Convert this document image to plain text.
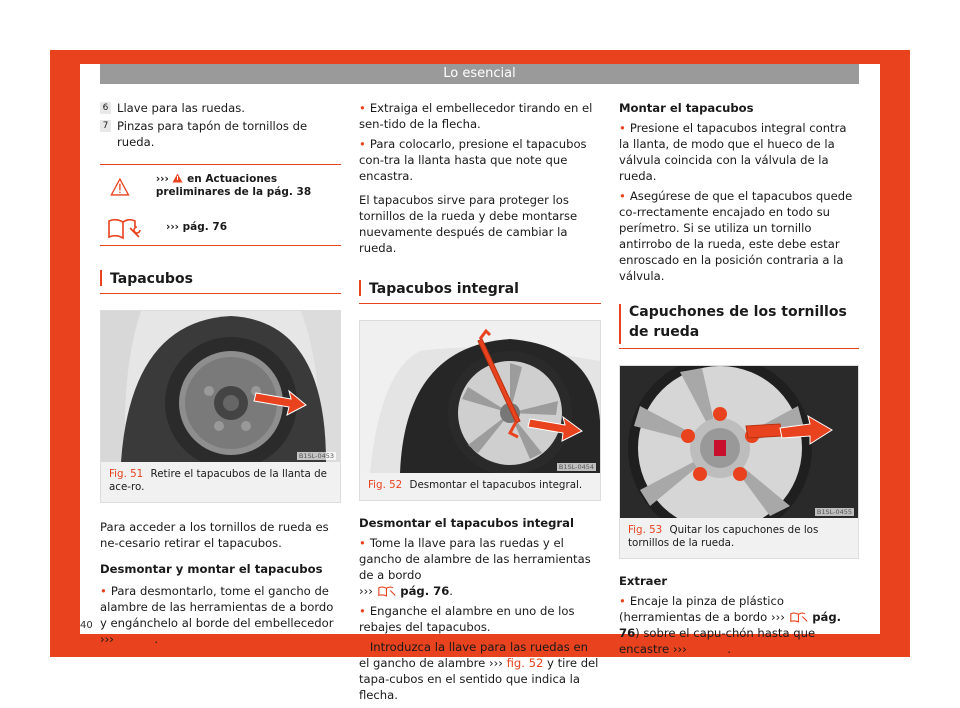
Lo esencial
6 Llave para las ruedas.
7 Pinzas para tapón de tornillos de rueda.
››› en Actuaciones preliminares de la pág. 38
››› pág. 76
Tapacubos
B1SL-0453
Fig. 51 Retire el tapacubos de la llanta de ace-ro.

Para acceder a los tornillos de rueda es ne-cesario retirar el tapacubos.

Desmontar y montar el tapacubos

• Para desmontarlo, tome el gancho de alambre de las herramientas de a bordo y engánchelo al borde del embellecedor
››› fig. 51.

• Extraiga el embellecedor tirando en el sen-tido de la flecha.

• Para colocarlo, presione el tapacubos con-tra la llanta hasta que note que encastra.

El tapacubos sirve para proteger los tornillos de la rueda y debe montarse nuevamente después de cambiar la rueda.

Tapacubos integral
B1SL-0454
Fig. 52 Desmontar el tapacubos integral.

Desmontar el tapacubos integral

• Tome la llave para las ruedas y el gancho de alambre de las herramientas de a bordo
››› pág. 76.

• Enganche el alambre en uno de los rebajes del tapacubos.

• Introduzca la llave para las ruedas en el gancho de alambre ››› fig. 52 y tire del tapa-cubos en el sentido que indica la flecha.

Montar el tapacubos

• Presione el tapacubos integral contra la llanta, de modo que el hueco de la válvula coincida con la válvula de la rueda.

• Asegúrese de que el tapacubos quede co-rrectamente encajado en todo su perímetro. Si se utiliza un tornillo antirrobo de la rueda, este debe estar enroscado en la posición contraria a la válvula.

Capuchones de los tornillos de rueda
B1SL-0455
Fig. 53 Quitar los capuchones de los tornillos de la rueda.

Extraer

• Encaje la pinza de plástico (herramientas de a bordo ››› pág. 76) sobre el capu-chón hasta que encastre ››› fig. 53.

40
